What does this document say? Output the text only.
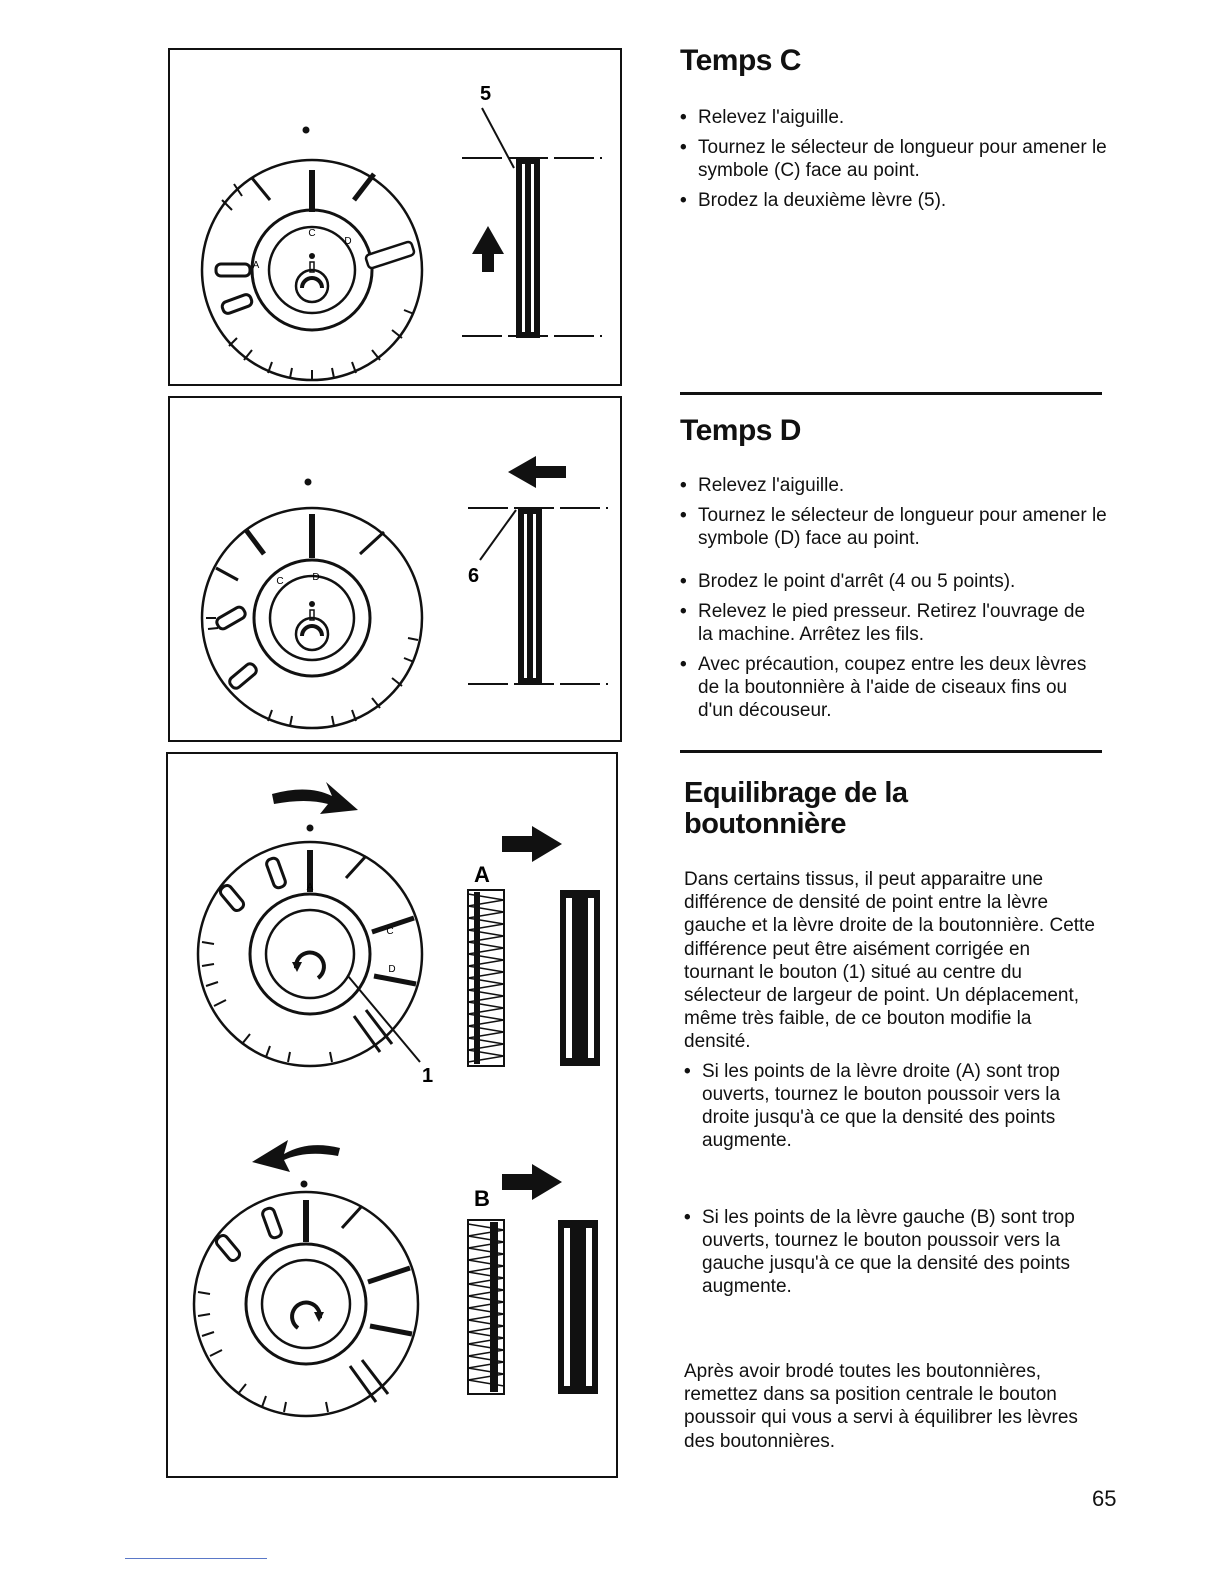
C
D
A
5
C	D	6
A
C
D
1
A
B
Temps C
• Relevez l'aiguille.
• Tournez le sélecteur de longueur pour amener le symbole (C) face au point.
• Brodez la deuxième lèvre (5).
Temps D
• Relevez l'aiguille.
• Tournez le sélecteur de longueur pour amener le symbole (D) face au point.
• Brodez le point d'arrêt (4 ou 5 points).
• Relevez le pied presseur. Retirez l'ouvrage de la machine. Arrêtez les fils.
• Avec précaution, coupez entre les deux lèvres de la boutonnière à l'aide de ciseaux fins ou d'un découseur.
Equilibrage de la
boutonnière

Dans certains tissus, il peut apparaitre une différence de densité de point entre la lèvre gauche et la lèvre droite de la boutonnière. Cette différence peut être aisément corrigée en tournant le bouton (1) situé au centre du sélecteur de largeur de point. Un déplacement, même très faible, de ce bouton modifie la densité.

• Si les points de la lèvre droite (A) sont trop ouverts, tournez le bouton poussoir vers la droite jusqu'à ce que la densité des points augmente.
• Si les points de la lèvre gauche (B) sont trop ouverts, tournez le bouton poussoir vers la gauche jusqu'à ce que la densité des points augmente.

Après avoir brodé toutes les boutonnières, remettez dans sa position centrale le bouton poussoir qui vous a servi à équilibrer les lèvres des boutonnières.

65
